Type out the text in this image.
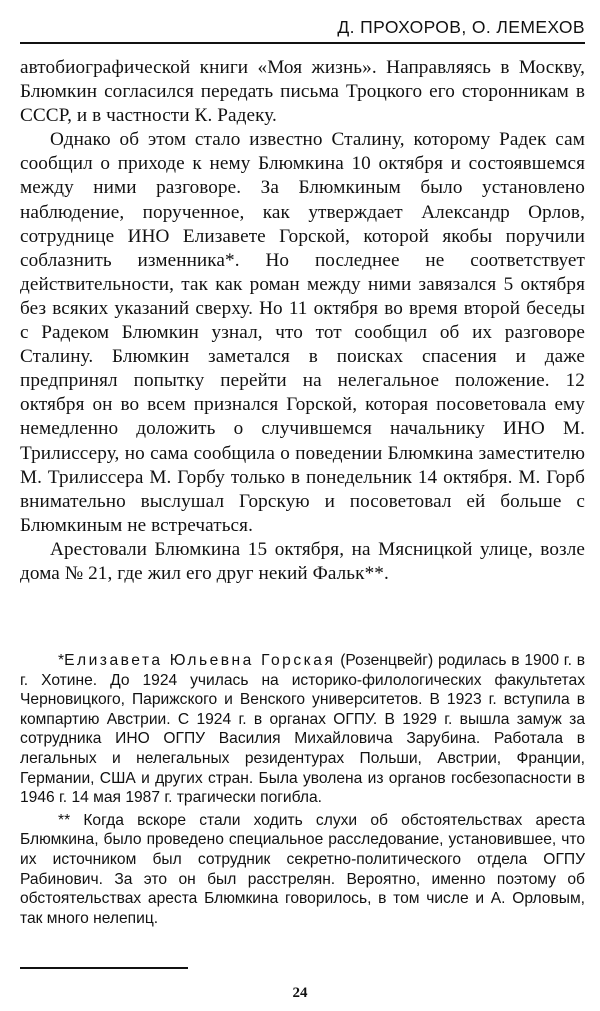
Д. ПРОХОРОВ, О. ЛЕМЕХОВ

автобиографической книги «Моя жизнь». Направляясь в Москву, Блюмкин согласился передать письма Троцкого его сторонникам в СССР, и в частности К. Радеку.

Однако об этом стало известно Сталину, которому Радек сам сообщил о приходе к нему Блюмкина 10 октября и состоявшемся между ними разговоре. За Блюмкиным было установлено наблюдение, порученное, как утверждает Александр Орлов, сотруднице ИНО Елизавете Горской, которой якобы поручили соблазнить изменника*. Но последнее не соответствует действительности, так как роман между ними завязался 5 октября без всяких указаний сверху. Но 11 октября во время второй беседы с Радеком Блюмкин узнал, что тот сообщил об их разговоре Сталину. Блюмкин заметался в поисках спасения и даже предпринял попытку перейти на нелегальное положение. 12 октября он во всем признался Горской, которая посоветовала ему немедленно доложить о случившемся начальнику ИНО М. Трилиссеру, но сама сообщила о поведении Блюмкина заместителю М. Трилиссера М. Горбу только в понедельник 14 октября. М. Горб внимательно выслушал Горскую и посоветовал ей больше с Блюмкиным не встречаться.

Арестовали Блюмкина 15 октября, на Мясницкой улице, возле дома № 21, где жил его друг некий Фальк**.

*Елизавета Юльевна Горская (Розенцвейг) родилась в 1900 г. в г. Хотине. До 1924 училась на историко-филологических факультетах Черновицкого, Парижского и Венского университетов. В 1923 г. вступила в компартию Австрии. С 1924 г. в органах ОГПУ. В 1929 г. вышла замуж за сотрудника ИНО ОГПУ Василия Михайловича Зарубина. Работала в легальных и нелегальных резидентурах Польши, Австрии, Франции, Германии, США и других стран. Была уволена из органов госбезопасности в 1946 г. 14 мая 1987 г. трагически погибла.

** Когда вскоре стали ходить слухи об обстоятельствах ареста Блюмкина, было проведено специальное расследование, установившее, что их источником был сотрудник секретно-политического отдела ОГПУ Рабинович. За это он был расстрелян. Вероятно, именно поэтому об обстоятельствах ареста Блюмкина говорилось, в том числе и А. Орловым, так много нелепиц.

24
